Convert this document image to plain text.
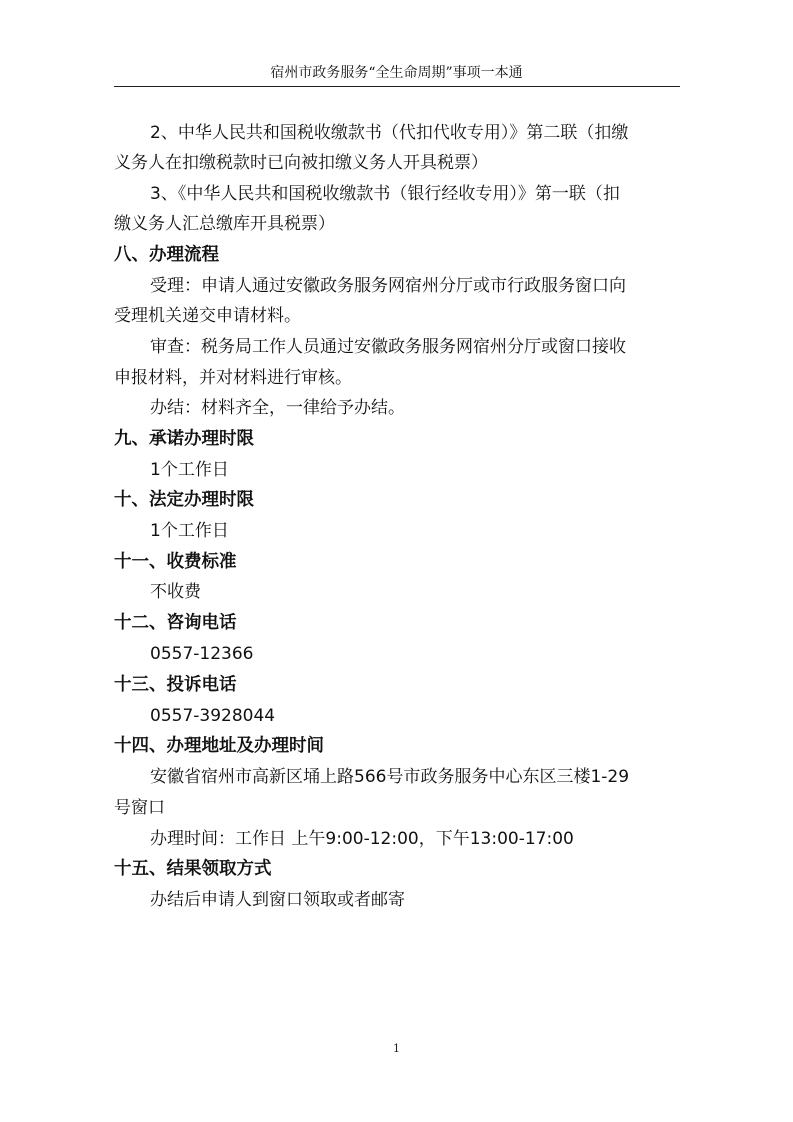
宿州市政务服务“全生命周期”事项一本通
2、中华人民共和国税收缴款书（代扣代收专用）》第二联（扣缴
义务人在扣缴税款时已向被扣缴义务人开具税票）
3、《中华人民共和国税收缴款书（银行经收专用）》第一联（扣
缴义务人汇总缴库开具税票）
八、办理流程
受理：申请人通过安徽政务服务网宿州分厅或市行政服务窗口向
受理机关递交申请材料。
审查：税务局工作人员通过安徽政务服务网宿州分厅或窗口接收
申报材料，并对材料进行审核。
办结：材料齐全，一律给予办结。
九、承诺办理时限
1个工作日
十、法定办理时限
1个工作日
十一、收费标准
不收费
十二、咨询电话
0557-12366
十三、投诉电话
0557-3928044
十四、办理地址及办理时间
安徽省宿州市高新区埇上路566号市政务服务中心东区三楼1-29
号窗口
办理时间：工作日 上午9:00-12:00，下午13:00-17:00
十五、结果领取方式
办结后申请人到窗口领取或者邮寄
1
